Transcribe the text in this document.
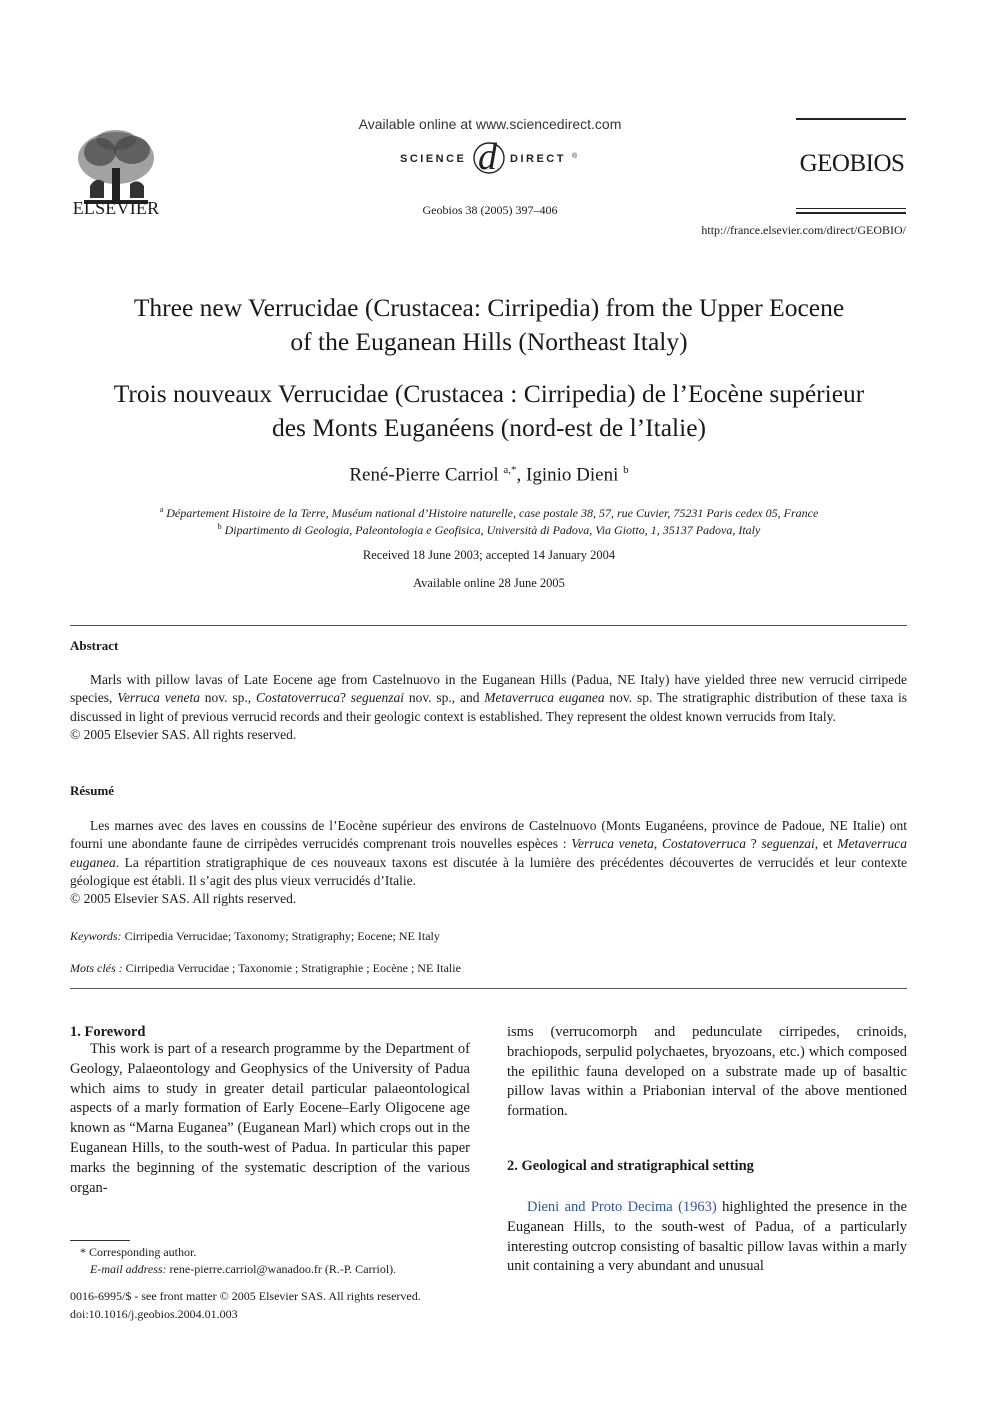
ELSEVIER
Available online at www.sciencedirect.com
SCIENCE d DIRECT ®
Geobios 38 (2005) 397–406
GEOBIOS
http://france.elsevier.com/direct/GEOBIO/
Three new Verrucidae (Crustacea: Cirripedia) from the Upper Eocene
of the Euganean Hills (Northeast Italy)
Trois nouveaux Verrucidae (Crustacea : Cirripedia) de l’Eocène supérieur
des Monts Euganéens (nord-est de l’Italie)
René-Pierre Carriol $^{a,*}$, Iginio Dieni $^b$
$^a$ Département Histoire de la Terre, Muséum national d’Histoire naturelle, case postale 38, 57, rue Cuvier, 75231 Paris cedex 05, France
$^b$ Dipartimento di Geologia, Paleontologia e Geofisica, Università di Padova, Via Giotto, 1, 35137 Padova, Italy
Received 18 June 2003; accepted 14 January 2004
Available online 28 June 2005
Abstract
Marls with pillow lavas of Late Eocene age from Castelnuovo in the Euganean Hills (Padua, NE Italy) have yielded three new verrucid cirripede species, Verruca veneta nov. sp., Costatoverruca? seguenzai nov. sp., and Metaverruca euganea nov. sp. The stratigraphic distribution of these taxa is discussed in light of previous verrucid records and their geologic context is established. They represent the oldest known verrucids from Italy.
© 2005 Elsevier SAS. All rights reserved.
Résumé
Les marnes avec des laves en coussins de l’Eocène supérieur des environs de Castelnuovo (Monts Euganéens, province de Padoue, NE Italie) ont fourni une abondante faune de cirripèdes verrucidés comprenant trois nouvelles espèces : Verruca veneta, Costatoverruca ? seguenzai, et Metaverruca euganea. La répartition stratigraphique de ces nouveaux taxons est discutée à la lumière des précédentes découvertes de verrucidés et leur contexte géologique est établi. Il s’agit des plus vieux verrucidés d’Italie.
© 2005 Elsevier SAS. All rights reserved.
Keywords: Cirripedia Verrucidae; Taxonomy; Stratigraphy; Eocene; NE Italy
Mots clés : Cirripedia Verrucidae ; Taxonomie ; Stratigraphie ; Eocène ; NE Italie
1. Foreword
This work is part of a research programme by the Department of Geology, Palaeontology and Geophysics of the University of Padua which aims to study in greater detail particular palaeontological aspects of a marly formation of Early Eocene–Early Oligocene age known as “Marna Euganea” (Euganean Marl) which crops out in the Euganean Hills, to the south-west of Padua. In particular this paper marks the beginning of the systematic description of the various organ-
isms (verrucomorph and pedunculate cirripedes, crinoids, brachiopods, serpulid polychaetes, bryozoans, etc.) which composed the epilithic fauna developed on a substrate made up of basaltic pillow lavas within a Priabonian interval of the above mentioned formation.
2. Geological and stratigraphical setting
Dieni and Proto Decima (1963) highlighted the presence in the Euganean Hills, to the south-west of Padua, of a particularly interesting outcrop consisting of basaltic pillow lavas within a marly unit containing a very abundant and unusual
* Corresponding author.
E-mail address: rene-pierre.carriol@wanadoo.fr (R.-P. Carriol).
0016-6995/$ - see front matter © 2005 Elsevier SAS. All rights reserved.
doi:10.1016/j.geobios.2004.01.003
